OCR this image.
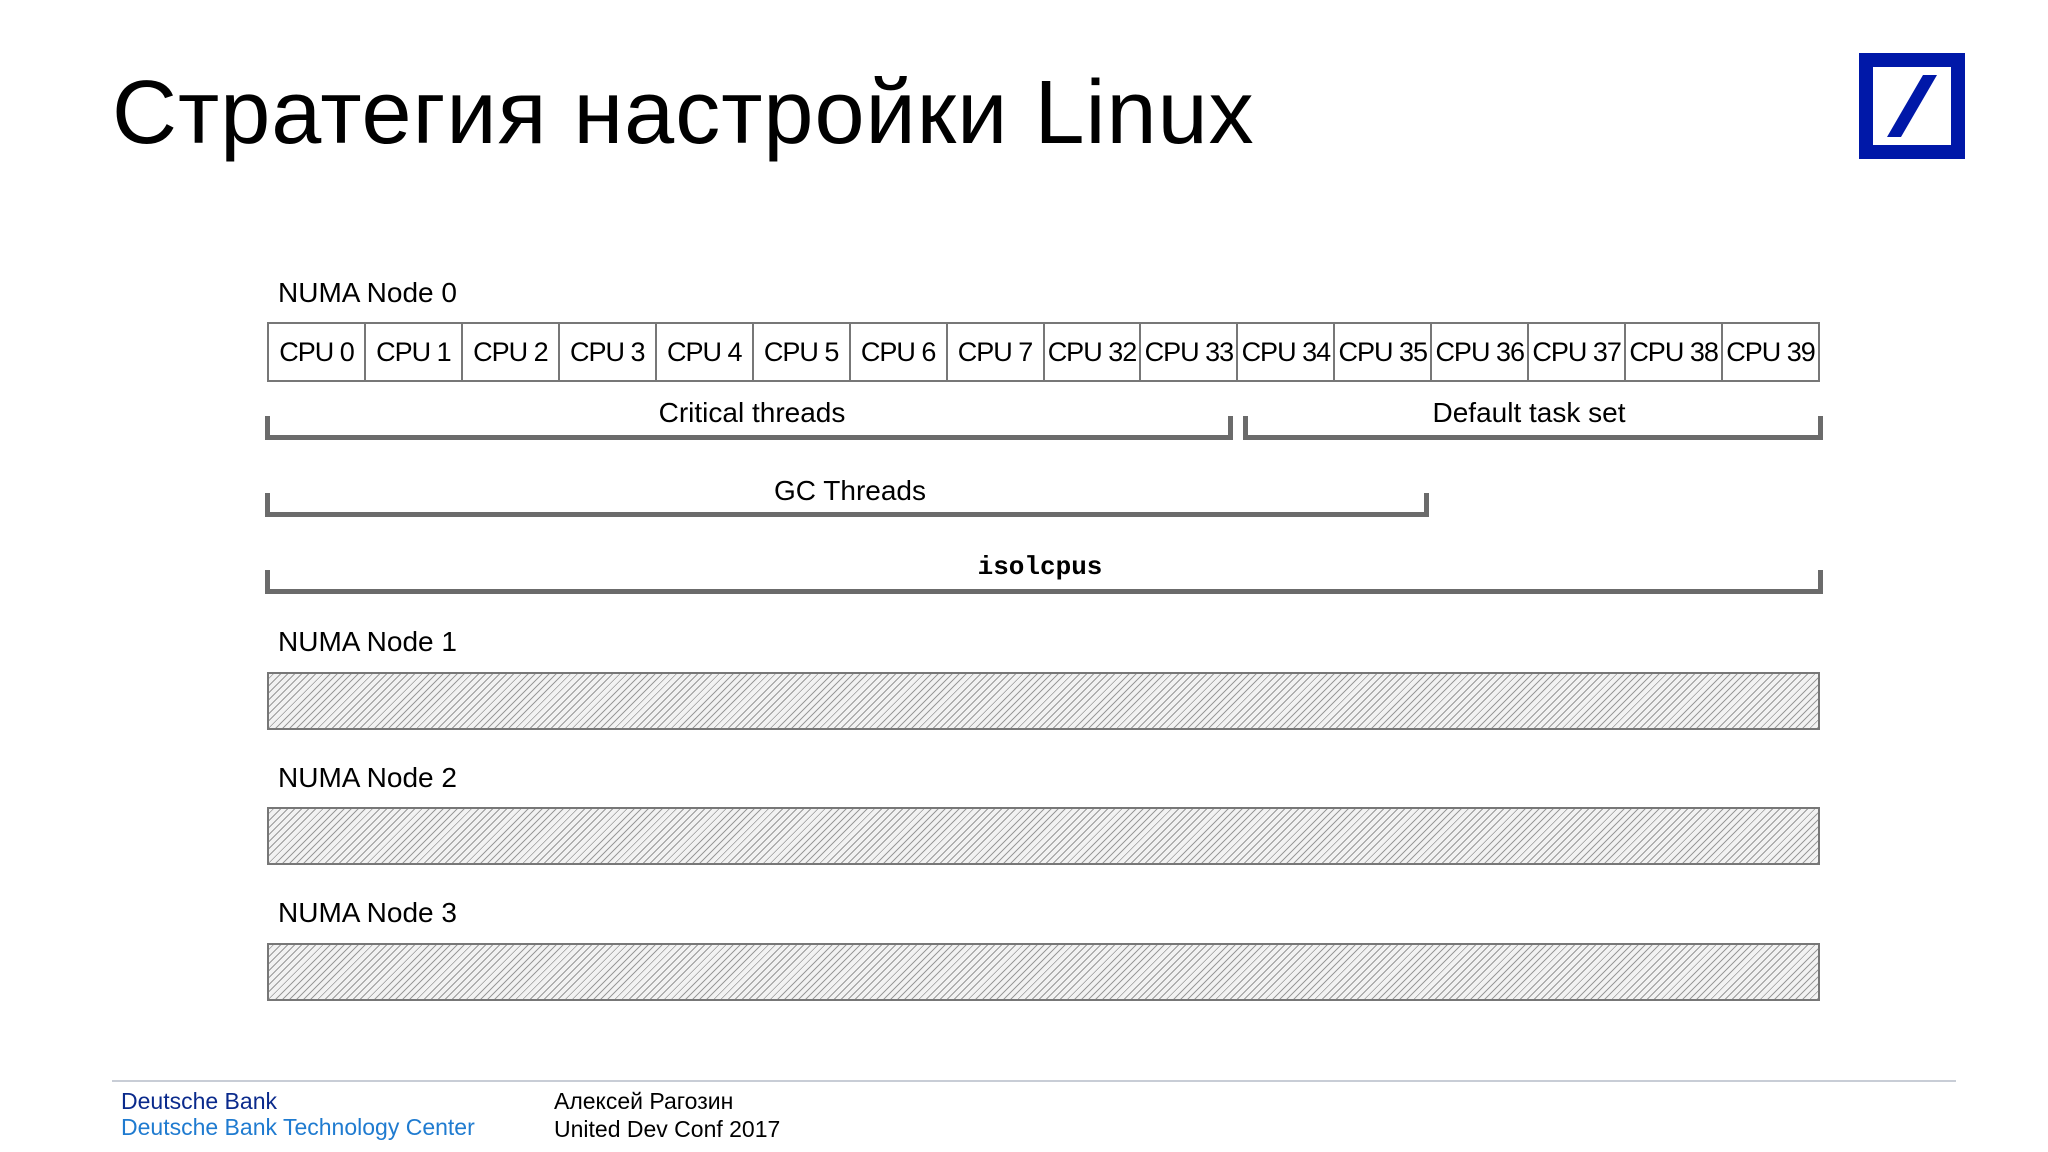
Стратегия настройки Linux
NUMA Node 0
CPU 0 CPU 1 CPU 2 CPU 3 CPU 4 CPU 5 CPU 6 CPU 7 CPU 32 CPU 33 CPU 34 CPU 35 CPU 36 CPU 37 CPU 38 CPU 39
Critical threads	Default task set
GC Threads
isolcpus
NUMA Node 1
NUMA Node 2
NUMA Node 3
Deutsche Bank
Deutsche Bank Technology Center
Алексей Рагозин
United Dev Conf 2017
